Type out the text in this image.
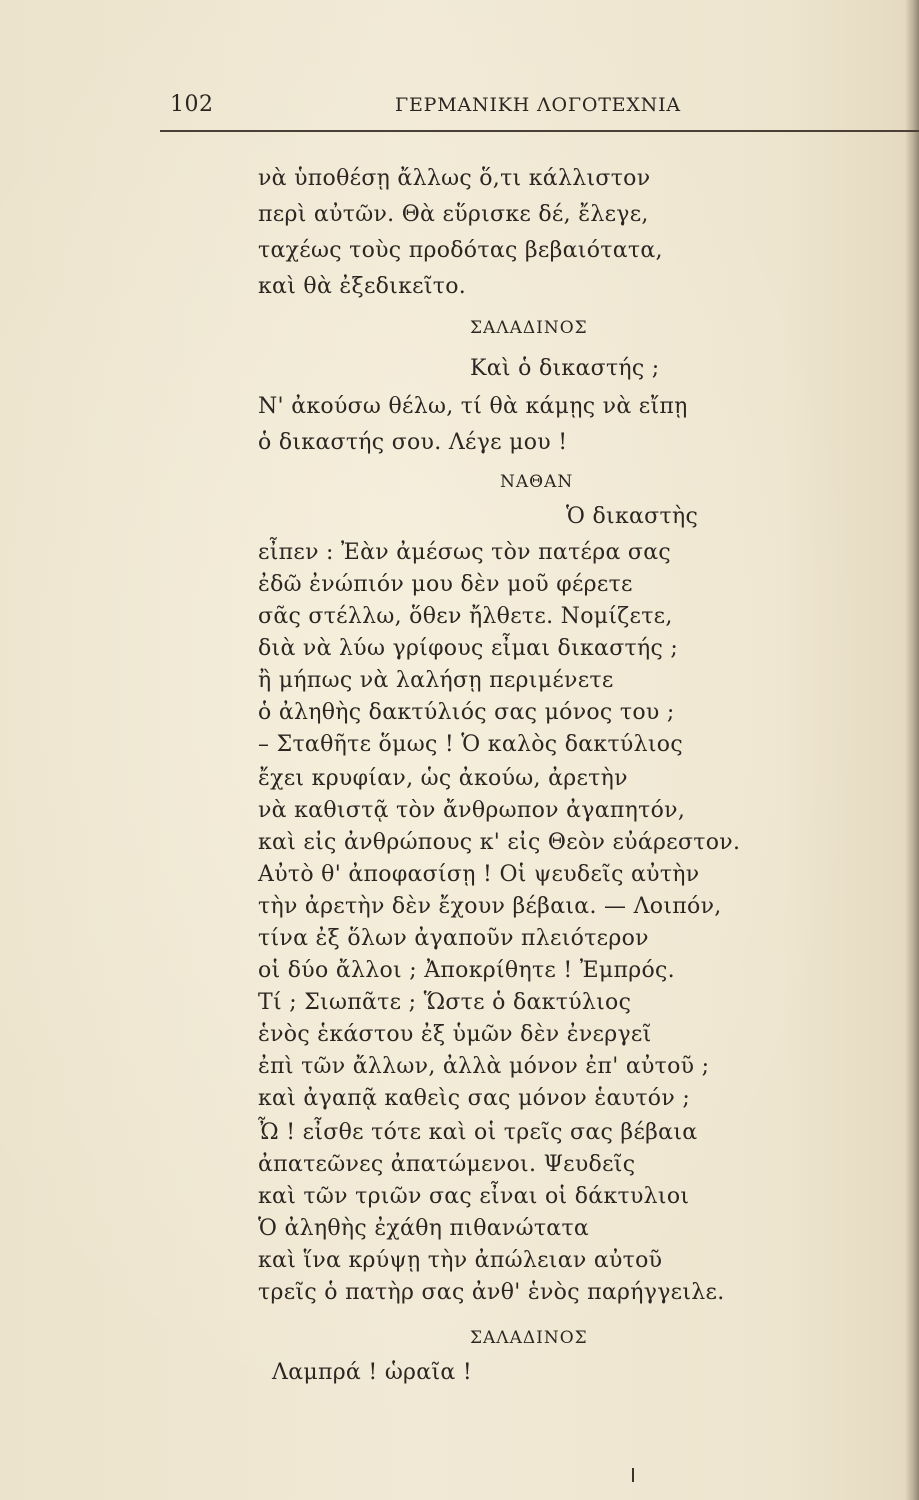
102	ΓΕΡΜΑΝΙΚΗ ΛΟΓΟΤΕΧΝΙΑ
νὰ ὑποθέσῃ ἄλλως ὅ,τι κάλλιστον
περὶ αὐτῶν. Θὰ εὕρισκε δέ, ἔλεγε,
ταχέως τοὺς προδότας βεβαιότατα,
καὶ θὰ ἐξεδικεῖτο.
ΣΑΛΑΔΙΝΟΣ
Καὶ ὁ δικαστής ;
Ν' ἀκούσω θέλω, τί θὰ κάμῃς νὰ εἴπῃ
ὁ δικαστής σου. Λέγε μου !
ΝΑΘΑΝ
Ὁ δικαστὴς
εἶπεν : Ἐὰν ἀμέσως τὸν πατέρα σας
ἐδῶ ἐνώπιόν μου δὲν μοῦ φέρετε
σᾶς στέλλω, ὅθεν ἤλθετε. Νομίζετε,
διὰ νὰ λύω γρίφους εἶμαι δικαστής ;
ἢ μήπως νὰ λαλήσῃ περιμένετε
ὁ ἀληθὴς δακτύλιός σας μόνος του ;
– Σταθῆτε ὅμως ! Ὁ καλὸς δακτύλιος
ἔχει κρυφίαν, ὡς ἀκούω, ἀρετὴν
νὰ καθιστᾷ τὸν ἄνθρωπον ἀγαπητόν,
καὶ εἰς ἀνθρώπους κ' εἰς Θεὸν εὐάρεστον.
Αὐτὸ θ' ἀποφασίσῃ ! Οἱ ψευδεῖς αὐτὴν
τὴν ἀρετὴν δὲν ἔχουν βέβαια. — Λοιπόν,
τίνα ἐξ ὅλων ἀγαποῦν πλειότερον
οἱ δύο ἄλλοι ; Ἀποκρίθητε ! Ἐμπρός.
Τί ; Σιωπᾶτε ; Ὥστε ὁ δακτύλιος
ἑνὸς ἑκάστου ἐξ ὑμῶν δὲν ἐνεργεῖ
ἐπὶ τῶν ἄλλων, ἀλλὰ μόνον ἐπ' αὐτοῦ ;
καὶ ἀγαπᾷ καθεὶς σας μόνον ἑαυτόν ;
Ὦ ! εἶσθε τότε καὶ οἱ τρεῖς σας βέβαια
ἀπατεῶνες ἀπατώμενοι. Ψευδεῖς
καὶ τῶν τριῶν σας εἶναι οἱ δάκτυλιοι
Ὁ ἀληθὴς ἐχάθη πιθανώτατα
καὶ ἵνα κρύψῃ τὴν ἀπώλειαν αὐτοῦ
τρεῖς ὁ πατὴρ σας ἀνθ' ἑνὸς παρήγγειλε.
ΣΑΛΑΔΙΝΟΣ
Λαμπρά ! ὡραῖα !
